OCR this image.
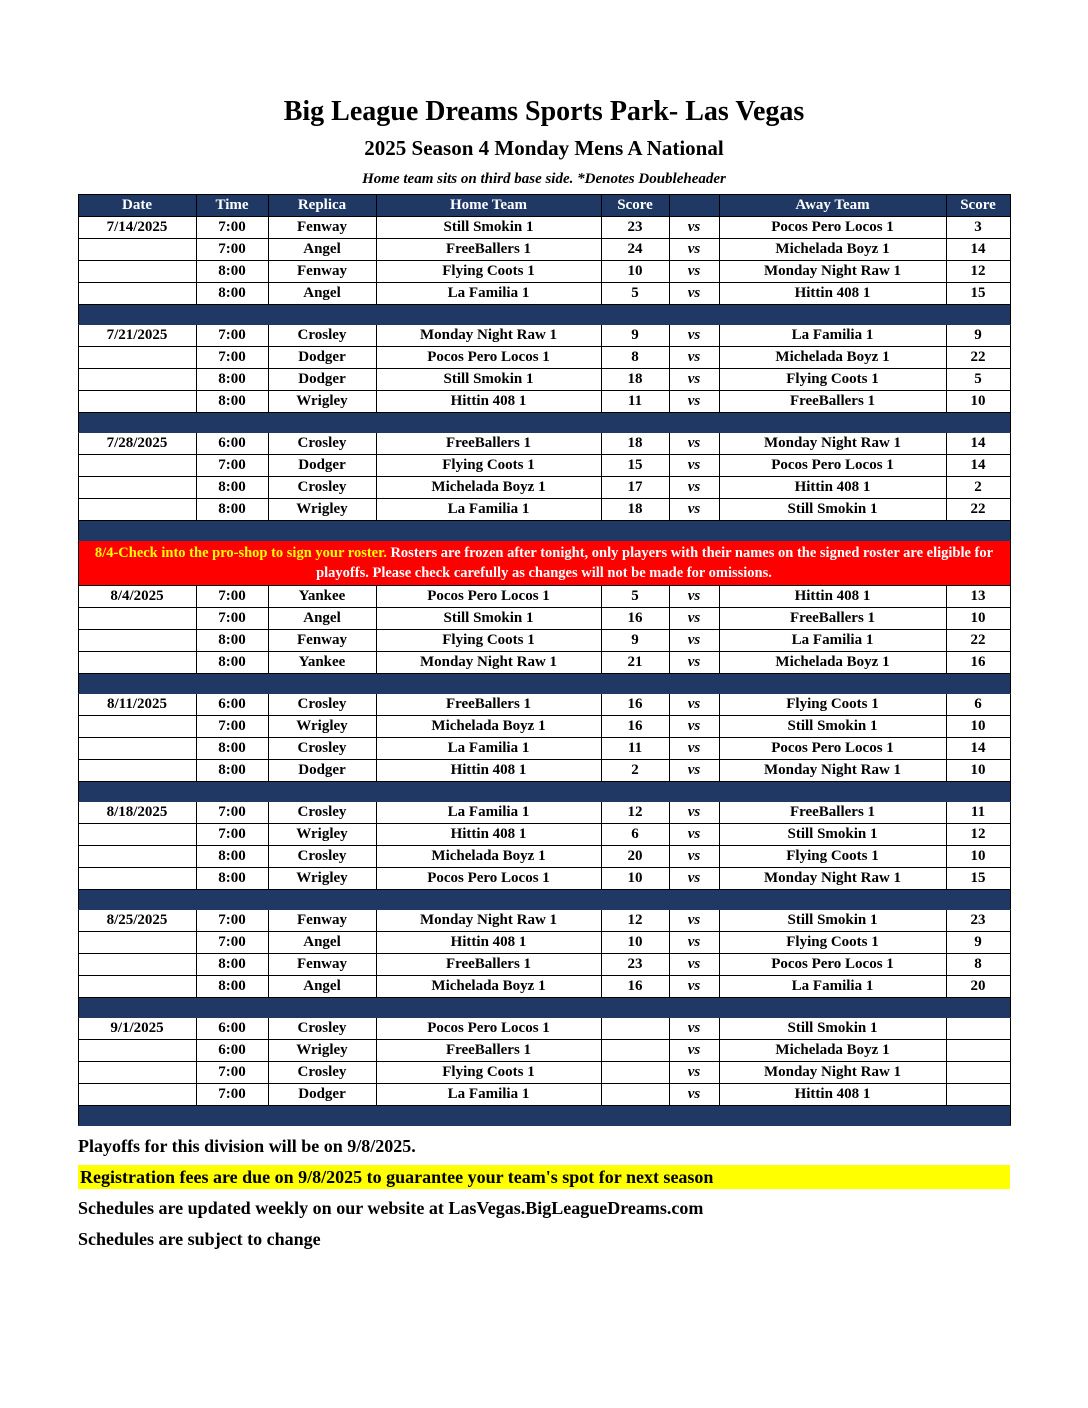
Big League Dreams Sports Park- Las Vegas
2025 Season 4 Monday Mens A National
Home team sits on third base side. *Denotes Doubleheader
Date	Time	Replica	Home Team	Score		Away Team	Score
7/14/2025	7:00	Fenway	Still Smokin 1	23	vs	Pocos Pero Locos 1	3
	7:00	Angel	FreeBallers 1	24	vs	Michelada Boyz 1	14
	8:00	Fenway	Flying Coots 1	10	vs	Monday Night Raw 1	12
	8:00	Angel	La Familia 1	5	vs	Hittin 408 1	15

7/21/2025	7:00	Crosley	Monday Night Raw 1	9	vs	La Familia 1	9
	7:00	Dodger	Pocos Pero Locos 1	8	vs	Michelada Boyz 1	22
	8:00	Dodger	Still Smokin 1	18	vs	Flying Coots 1	5
	8:00	Wrigley	Hittin 408 1	11	vs	FreeBallers 1	10

7/28/2025	6:00	Crosley	FreeBallers 1	18	vs	Monday Night Raw 1	14
	7:00	Dodger	Flying Coots 1	15	vs	Pocos Pero Locos 1	14
	8:00	Crosley	Michelada Boyz 1	17	vs	Hittin 408 1	2
	8:00	Wrigley	La Familia 1	18	vs	Still Smokin 1	22

8/4-Check into the pro-shop to sign your roster. Rosters are frozen after tonight, only players with their names on the signed roster are eligible for playoffs. Please check carefully as changes will not be made for omissions.							
8/4/2025	7:00	Yankee	Pocos Pero Locos 1	5	vs	Hittin 408 1	13
	7:00	Angel	Still Smokin 1	16	vs	FreeBallers 1	10
	8:00	Fenway	Flying Coots 1	9	vs	La Familia 1	22
	8:00	Yankee	Monday Night Raw 1	21	vs	Michelada Boyz 1	16

8/11/2025	6:00	Crosley	FreeBallers 1	16	vs	Flying Coots 1	6
	7:00	Wrigley	Michelada Boyz 1	16	vs	Still Smokin 1	10
	8:00	Crosley	La Familia 1	11	vs	Pocos Pero Locos 1	14
	8:00	Dodger	Hittin 408 1	2	vs	Monday Night Raw 1	10

8/18/2025	7:00	Crosley	La Familia 1	12	vs	FreeBallers 1	11
	7:00	Wrigley	Hittin 408 1	6	vs	Still Smokin 1	12
	8:00	Crosley	Michelada Boyz 1	20	vs	Flying Coots 1	10
	8:00	Wrigley	Pocos Pero Locos 1	10	vs	Monday Night Raw 1	15

8/25/2025	7:00	Fenway	Monday Night Raw 1	12	vs	Still Smokin 1	23
	7:00	Angel	Hittin 408 1	10	vs	Flying Coots 1	9
	8:00	Fenway	FreeBallers 1	23	vs	Pocos Pero Locos 1	8
	8:00	Angel	Michelada Boyz 1	16	vs	La Familia 1	20

9/1/2025	6:00	Crosley	Pocos Pero Locos 1		vs	Still Smokin 1	
	6:00	Wrigley	FreeBallers 1		vs	Michelada Boyz 1	
	7:00	Crosley	Flying Coots 1		vs	Monday Night Raw 1	
	7:00	Dodger	La Familia 1		vs	Hittin 408 1	

Playoffs for this division will be on 9/8/2025.
Registration fees are due on 9/8/2025 to guarantee your team's spot for next season
Schedules are updated weekly on our website at LasVegas.BigLeagueDreams.com
Schedules are subject to change
